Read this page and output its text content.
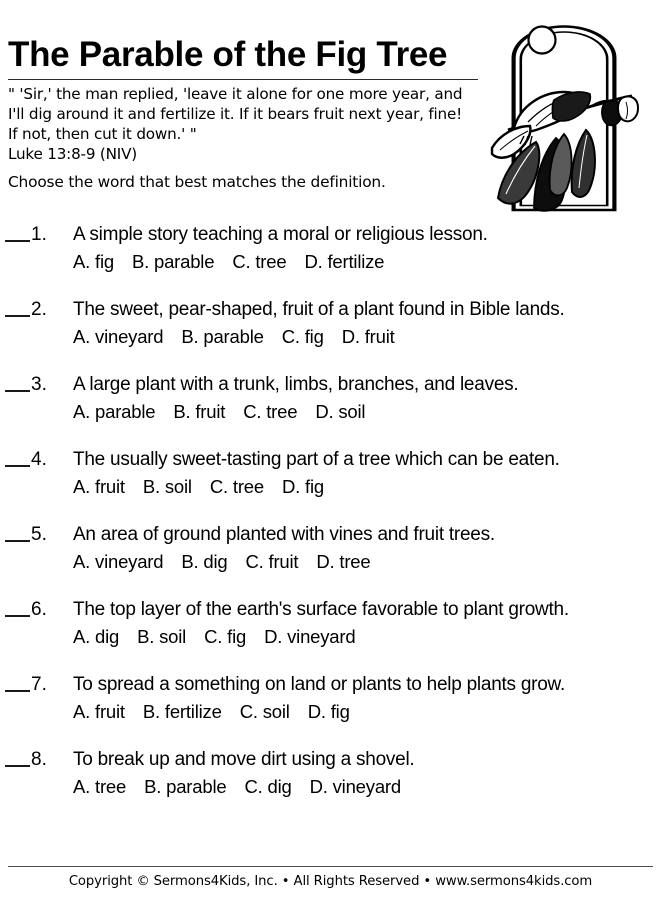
The Parable of the Fig Tree
" 'Sir,' the man replied, 'leave it alone for one more year, and I'll dig around it and fertilize it. If it bears fruit next year, fine! If not, then cut it down.' "
Luke 13:8-9 (NIV)
Choose the word that best matches the definition.
1.	A simple story teaching a moral or religious lesson.
A. fig B. parable C. tree D. fertilize
2.	The sweet, pear-shaped, fruit of a plant found in Bible lands.
A. vineyard B. parable C. fig D. fruit
3.	A large plant with a trunk, limbs, branches, and leaves.
A. parable B. fruit C. tree D. soil
4.	The usually sweet-tasting part of a tree which can be eaten.
A. fruit B. soil C. tree D. fig
5.	An area of ground planted with vines and fruit trees.
A. vineyard B. dig C. fruit D. tree
6.	The top layer of the earth's surface favorable to plant growth.
A. dig B. soil C. fig D. vineyard
7.	To spread a something on land or plants to help plants grow.
A. fruit B. fertilize C. soil D. fig
8.	To break up and move dirt using a shovel.
A. tree B. parable C. dig D. vineyard
Copyright © Sermons4Kids, Inc. • All Rights Reserved • www.sermons4kids.com
